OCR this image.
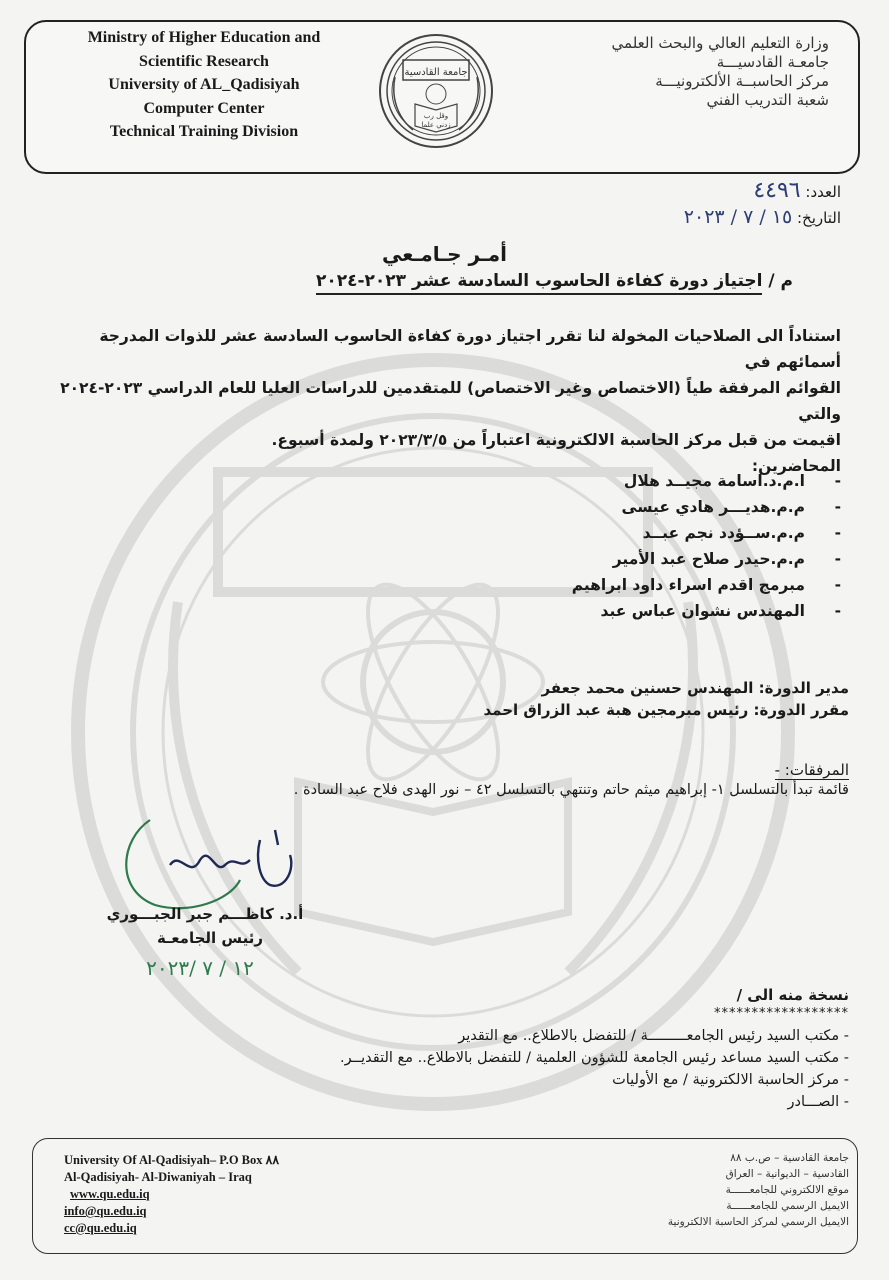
Ministry of Higher Education and
Scientific Research
University of AL_Qadisiyah
Computer Center
Technical Training Division
جامعة القادسية
وقل رب
زدني علما
وزارة التعليم العالي والبحث العلمي
جامعـة القادسيـــة
مركز الحاسبــة الألكترونيـــة
شعبة التدريب الفني
العدد: ٤٤٩٦
التاريخ: ١٥ / ٧ / ٢٠٢٣
أمـر جـامـعي
م / اجتياز دورة كفاءة الحاسوب السادسة عشر ٢٠٢٣-٢٠٢٤
استناداً الى الصلاحيات المخولة لنا تقرر اجتياز دورة كفاءة الحاسوب السادسة عشر للذوات المدرجة أسمائهم في
القوائم المرفقة طياً (الاختصاص وغير الاختصاص) للمتقدمين للدراسات العليا للعام الدراسي ٢٠٢٣-٢٠٢٤ والتي
اقيمت من قبل مركز الحاسبة الالكترونية اعتباراً من ٢٠٢٣/٣/٥ ولمدة أسبوع.
المحاضرين:
-
ا.م.د.اسامة مجيــد هلال
-
م.م.هديـــر هادي عيسى
-
م.م.ســؤدد نجم عبــد
-
م.م.حيدر صلاح عبد الأمير
-
مبرمج اقدم اسراء داود ابراهيم
-
المهندس نشوان عباس عبد
مدير الدورة: المهندس حسنين محمد جعفر
مقرر الدورة: رئيس مبرمجين هبة عبد الزراق احمد
المرفقات: -
قائمة تبدأ بالتسلسل ١- إبراهيم ميثم حاتم وتنتهي بالتسلسل ٤٢ – نور الهدى فلاح عبد السادة .
أ.د. كاظـــم جبر الجبـــوري
رئيس الجامعـة
١٢ / ٧ /٢٠٢٣
نسخة منه الى /
******************
- مكتب السيد رئيس الجامعـــــــــة / للتفضل بالاطلاع.. مع التقدير
- مكتب السيد مساعد رئيس الجامعة للشؤون العلمية / للتفضل بالاطلاع.. مع التقديــر.
- مركز الحاسبة الالكترونية / مع الأوليات
- الصـــادر
University Of Al-Qadisiyah– P.O Box ٨٨
Al-Qadisiyah- Al-Diwaniyah – Iraq
www.qu.edu.iq
info@qu.edu.iq
cc@qu.edu.iq
جامعة القادسية – ص.ب ٨٨
القادسية – الديوانية – العراق
موقع الالكتروني للجامعــــــة
الايميل الرسمي للجامعــــــة
الايميل الرسمي لمركز الحاسبة الالكترونية
